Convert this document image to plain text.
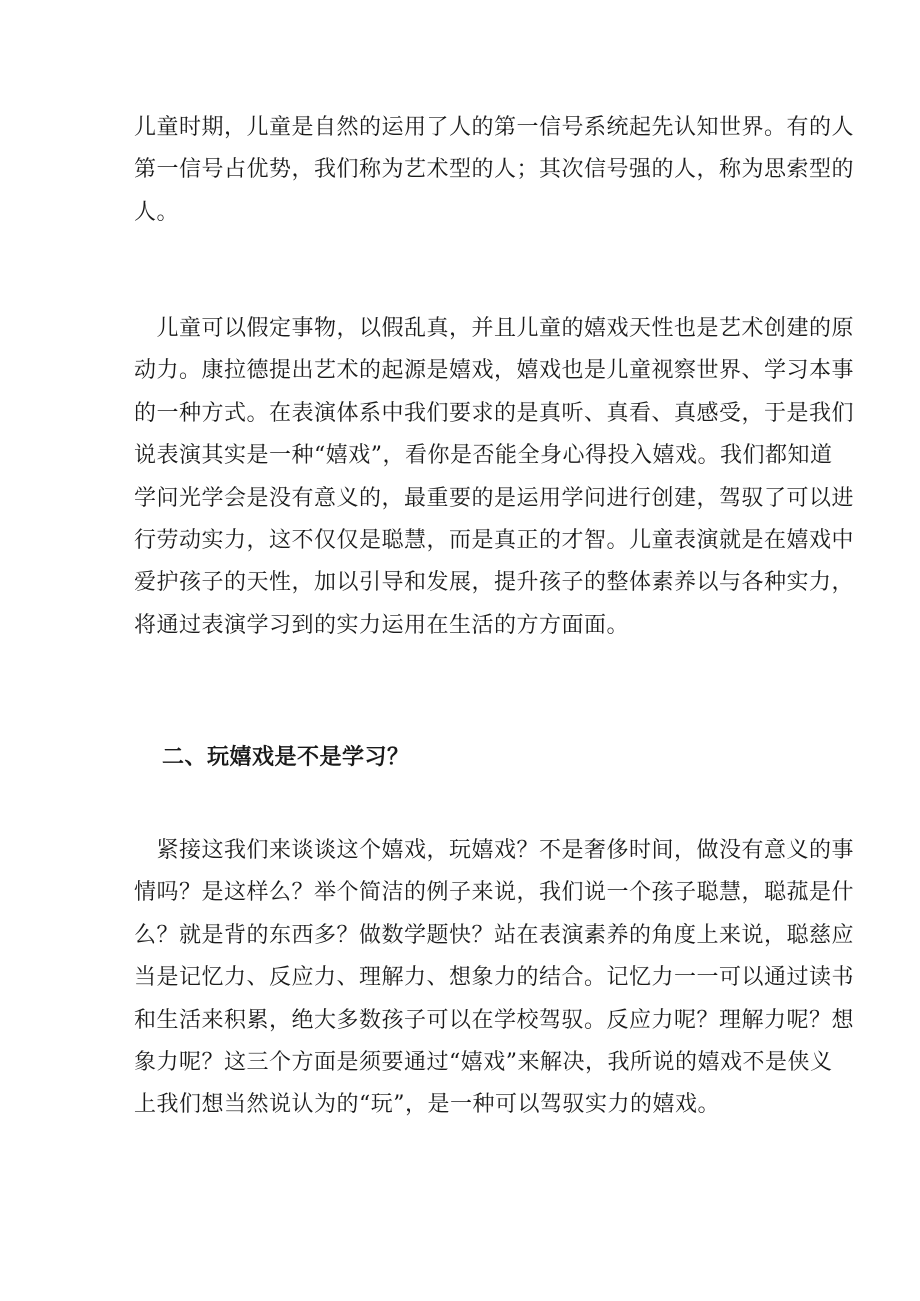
儿童时期，儿童是自然的运用了人的第一信号系统起先认知世界。有的人
第一信号占优势，我们称为艺术型的人；其次信号强的人，称为思索型的
人。

　儿童可以假定事物，以假乱真，并且儿童的嬉戏天性也是艺术创建的原
动力。康拉德提出艺术的起源是嬉戏，嬉戏也是儿童视察世界、学习本事
的一种方式。在表演体系中我们要求的是真听、真看、真感受，于是我们
说表演其实是一种“嬉戏”，看你是否能全身心得投入嬉戏。我们都知道
学问光学会是没有意义的，最重要的是运用学问进行创建，驾驭了可以进
行劳动实力，这不仅仅是聪慧，而是真正的才智。儿童表演就是在嬉戏中
爱护孩子的天性，加以引导和发展，提升孩子的整体素养以与各种实力，
将通过表演学习到的实力运用在生活的方方面面。

二、玩嬉戏是不是学习？

　紧接这我们来谈谈这个嬉戏，玩嬉戏？不是奢侈时间，做没有意义的事
情吗？是这样么？举个简洁的例子来说，我们说一个孩子聪慧，聪菰是什
么？就是背的东西多？做数学题快？站在表演素养的角度上来说，聪慈应
当是记忆力、反应力、理解力、想象力的结合。记忆力一一可以通过读书
和生活来积累，绝大多数孩子可以在学校驾驭。反应力呢？理解力呢？想
象力呢？这三个方面是须要通过“嬉戏”来解决，我所说的嬉戏不是侠义
上我们想当然说认为的“玩”，是一种可以驾驭实力的嬉戏。
